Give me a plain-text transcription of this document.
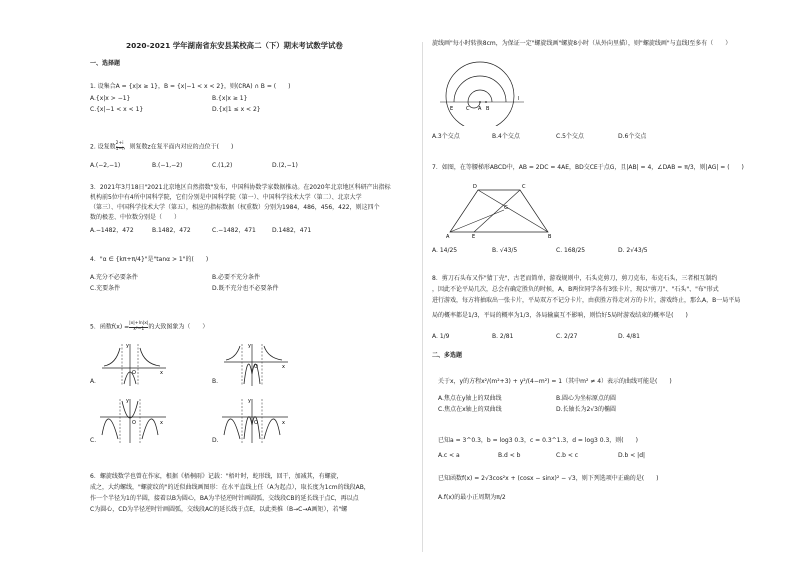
2020-2021 学年湖南省东安县某校高二（下）期末考试数学试卷
一、选择题
1. 设集合A = {x|x ≥ 1}，B = {x|−1 < x < 2}，则(∁RA) ∩ B = (　　)
A.{x|x > −1}	B.{x|x ≥ 1}
C.{x|−1 < x < 1}	D.{x|1 ≤ x < 2}
2. 设复数 $\frac{2+i}{1-i}$ ，则复数z在复平面内对应的点位于(　　)
A.(−2,−1)	B.(−1,−2)	C.(1,2)	D.(2,−1)
3．2021年3月18日"2021北京地区自然指数"发布，中国科协数学家数据推动。在2020年北京地区科研产出指标
机构前5位中有4所中国科学院，它们分别是中国科学院（第一）、中国科学技术大学（第二）、北京大学
（第三）、中国科学技术大学（第五），相应的指标数据（权重数）分别为1984，486，456，422，则这四个
数的极差、中位数分别是（　　）
A.−1482，472	B.1482，472	C.−1482，471	D.1482，471
4．"α ∈ {kπ+π/4}"是"tanα > 1"的(　　)
A.充分不必要条件	B.必要不充分条件
C.充要条件	D.既不充分也不必要条件
5．函数$f(x) = \frac{|x|+\ln|x|}{\text{x²−1}}$ 的大致图象为（　　）
O	x
y
A.
O	x
y
B.
O	x
y
C.
O	x
y
D.
6．螺旋线数学也曾在作家，根据《梧桐雨》记载："梧叶时，蛇形线，回干，加减其，有螺旋，
成之，大约螺线，"螺旋纹的"的近似曲线画图形：在水平直线上任（A为起点），取长度为1cm的线段AB，
作一个半径为1的半圆，接着以B为圆心，BA为半径逆时针画圆弧，交线段CB的延长线于点C，再以点
C为圆心，CD为半径逆时针画圆弧，交线段AC的延长线于点E，以此类推（B→C→A画矩），若"螺
旋线画"每小时转换8cm，为保证一定"螺旋线画"螺旋8小时（从外向里描），则"螺旋线画"与直线l至多有（　　）
C A B
E
l
A.3个交点	B.4个交点	C.5个交点	D.6个交点
7．如图，在等腰梯形ABCD中，AB = 2DC = 4AE，BD交CE于点G，且|AB| = 4，∠DAB = π/3，则|AG| = (　　)
D	C
G
A	E	B
A. 14/25	B. √43/5	C. 168/25	D. 2√43/5
8．剪刀石头布又作"猜丁壳"，古老而简单，游戏规则中，石头克剪刀，剪刀克布，布克石头，三者相互制约
，因此不论平局几次，总会有确定胜负的时候，A，B两位同学各有3张卡片，现以"剪刀"、"石头"、"布"形式
进行游戏，每方将抽取出一张卡片，平局双方不记分卡片，由获胜方得走对方的卡片，游戏终止，那么A，B一局平局
局的概率都是1/3，平局的概率为1/3，各局输赢互不影响，则恰好5局时游戏结束的概率是(　　)
A. 1/9	B. 2/81	C. 2/27	D. 4/81
二、多选题
关于x，y的方程x²/(m²+3) + y²/(4−m²) = 1（其中m² ≠ 4）表示的曲线可能是(　　)
A.焦点在y轴上的双曲线	B.圆心为坐标原点的圆
C.焦点在x轴上的双曲线	D.长轴长为2√3的椭圆
已知a = 3^0.3，b = log3 0.3，c = 0.3^1.3，d = log3 0.3，则(　　)
A.c < a	B.d < b	C.b < c	D.b < |d|
已知函数f(x) = 2√3cos²x + (cosx − sinx)² − √3，则下列选项中正确的是(　　)
A.f(x)的最小正周期为π/2
